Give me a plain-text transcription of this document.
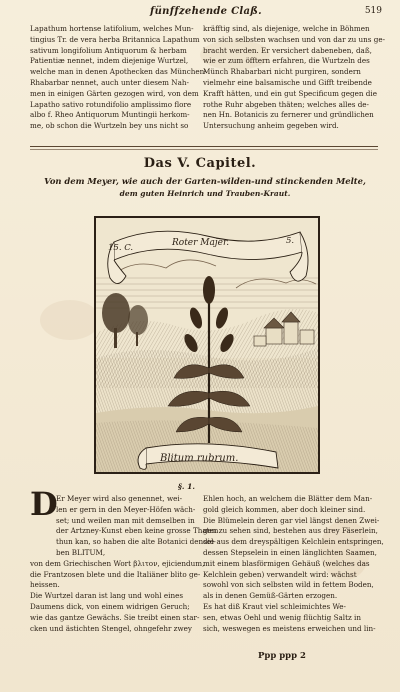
fünffzehende Claß.	519
Lapathum hortense latifolium, welches Mun-
tingius Tr. de vera herba Britannica Lapathum
sativum longifolium Antiquorum & herbam
Patientiæ nennet, indem diejenige Wurtzel,
welche man in denen Apothecken das München-
Rhabarbar nennet, auch unter diesem Nah-
men in einigen Gärten gezogen wird, von dem
Lapatho sativo rotundifolio amplissimo flore
albo f. Rheo Antiquorum Muntingii herkom-
me, ob schon die Wurtzeln bey uns nicht so
kräfftig sind, als diejenige, welche in Böhmen
von sich selbsten wachsen und von dar zu uns ge-
bracht werden. Er versichert dabeneben, daß,
wie er zum öfftern erfahren, die Wurtzeln des
Münch Rhabarbari nicht purgiren, sondern
vielmehr eine balsamische und Gifft treibende
Krafft hätten, und ein gut Specificum gegen die
rothe Ruhr abgeben thäten; welches alles de-
nen Hn. Botanicis zu fernerer und gründlichen
Untersuchung anheim gegeben wird.
Das V. Capitel.
Von dem Meyer, wie auch der Garten-wilden-und stinckenden Melte,
dem guten Heinrich und Trauben-Kraut.
15. C.	Roter Majer.	5.
Blitum rubrum.
§. 1.
D
Er Meyer wird also genennet, wei-
len er gern in den Meyer-Höfen wäch-
set; und weilen man mit demselben in
der Artzney-Kunst eben keine grosse Thaten
thun kan, so haben die alte Botanici densel-
ben BLITUM,
von dem Griechischen Wort βλιτον, ejiciendum,
die Frantzosen blete und die Italiäner blito ge-
heissen.
Die Wurtzel daran ist lang und wohl eines
Daumens dick, von einem widrigen Geruch;
wie das gantze Gewächs. Sie treibt einen star-
cken und ästichten Stengel, ohngefehr zwey
Ehlen hoch, an welchem die Blätter dem Man-
gold gleich kommen, aber doch kleiner sind.
Die Blümelein deren gar viel längst denen Zwei-
gen zu sehen sind, bestehen aus drey Fäserlein,
die aus dem dreyspältigen Kelchlein entspringen,
dessen Stepselein in einen länglichten Saamen,
mit einem blasförmigen Gehäuß (welches das
Kelchlein geben) verwandelt wird: wächst
sowohl von sich selbsten wild in fettem Boden,
als in denen Gemüß-Gärten erzogen.
Es hat diß Kraut viel schleimichtes We-
sen, etwas Oehl und wenig flüchtig Saltz in
sich, weswegen es meistens erweichen und lin-
Ppp ppp 2
